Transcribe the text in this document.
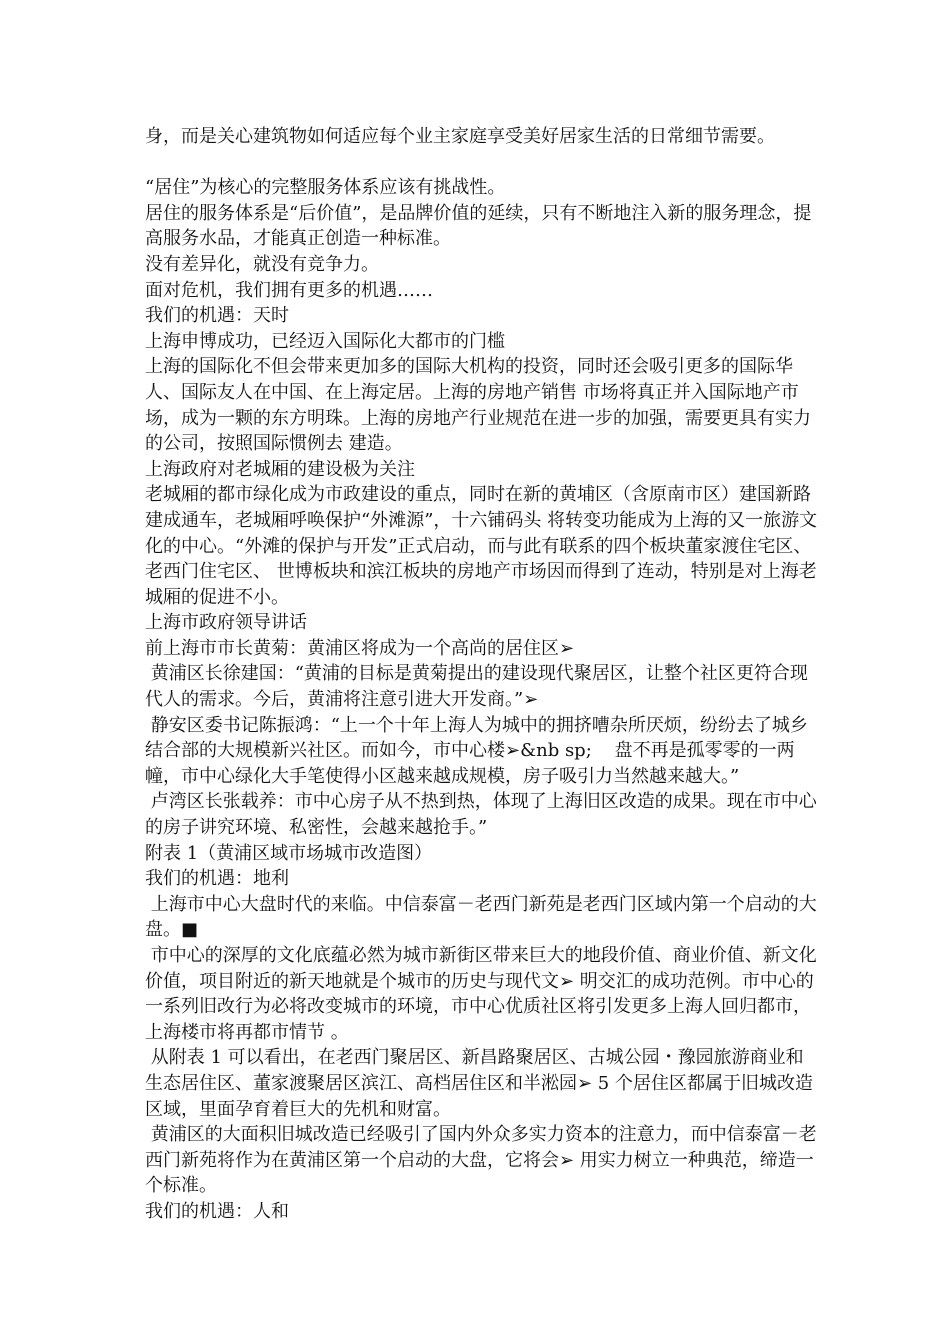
身，而是关心建筑物如何适应每个业主家庭享受美好居家生活的日常细节需要。

“居住”为核心的完整服务体系应该有挑战性。

居住的服务体系是“后价值”，是品牌价值的延续，只有不断地注入新的服务理念，提高服务水品，才能真正创造一种标准。

没有差异化，就没有竞争力。

面对危机，我们拥有更多的机遇……

我们的机遇：天时

上海申博成功，已经迈入国际化大都市的门槛

上海的国际化不但会带来更加多的国际大机构的投资，同时还会吸引更多的国际华人、国际友人在中国、在上海定居。上海的房地产销售 市场将真正并入国际地产市场，成为一颗的东方明珠。上海的房地产行业规范在进一步的加强，需要更具有实力的公司，按照国际惯例去 建造。

上海政府对老城厢的建设极为关注

老城厢的都市绿化成为市政建设的重点，同时在新的黄埔区（含原南市区）建国新路建成通车，老城厢呼唤保护“外滩源”，十六铺码头 将转变功能成为上海的又一旅游文化的中心。“外滩的保护与开发”正式启动，而与此有联系的四个板块董家渡住宅区、老西门住宅区、 世博板块和滨江板块的房地产市场因而得到了连动，特别是对上海老城厢的促进不小。

上海市政府领导讲话

前上海市市长黄菊：黄浦区将成为一个高尚的居住区➢

黄浦区长徐建国：“黄浦的目标是黄菊提出的建设现代聚居区，让整个社区更符合现代人的需求。今后，黄浦将注意引进大开发商。”➢

静安区委书记陈振鸿：“上一个十年上海人为城中的拥挤嘈杂所厌烦，纷纷去了城乡结合部的大规模新兴社区。而如今，市中心楼➢&nb sp;    盘不再是孤零零的一两幢，市中心绿化大手笔使得小区越来越成规模，房子吸引力当然越来越大。”

卢湾区长张载养：市中心房子从不热到热，体现了上海旧区改造的成果。现在市中心的房子讲究环境、私密性，会越来越抢手。”

附表 1（黄浦区域市场城市改造图）

我们的机遇：地利

上海市中心大盘时代的来临。中信泰富－老西门新苑是老西门区域内第一个启动的大盘。■

市中心的深厚的文化底蕴必然为城市新街区带来巨大的地段价值、商业价值、新文化价值，项目附近的新天地就是个城市的历史与现代文➢ 明交汇的成功范例。市中心的一系列旧改行为必将改变城市的环境，市中心优质社区将引发更多上海人回归都市，上海楼市将再都市情节 。

从附表 1 可以看出，在老西门聚居区、新昌路聚居区、古城公园・豫园旅游商业和生态居住区、董家渡聚居区滨江、高档居住区和半淞园➢ 5 个居住区都属于旧城改造区域，里面孕育着巨大的先机和财富。

黄浦区的大面积旧城改造已经吸引了国内外众多实力资本的注意力，而中信泰富－老西门新苑将作为在黄浦区第一个启动的大盘，它将会➢ 用实力树立一种典范，缔造一个标准。

我们的机遇：人和
